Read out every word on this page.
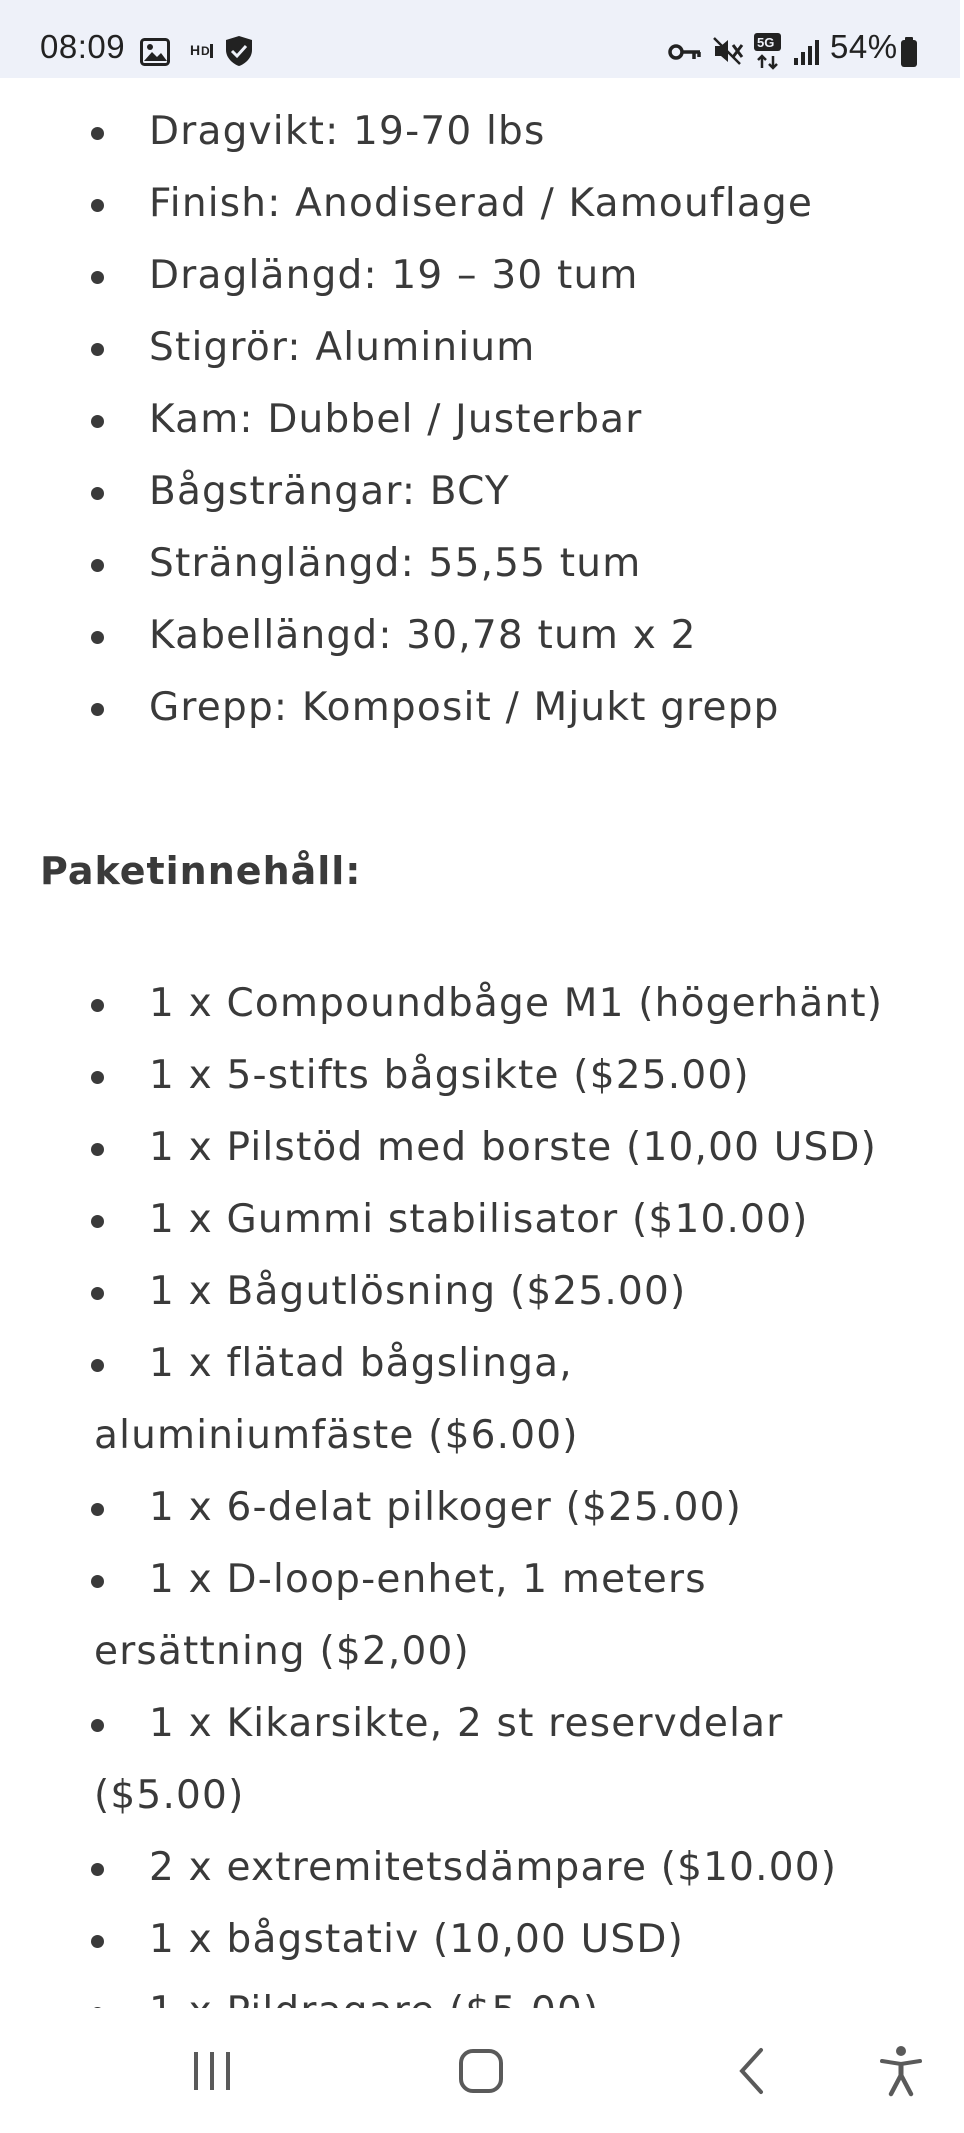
08:09	H D
5G 54%
Dragvikt: 19-70 lbs
Finish: Anodiserad / Kamouflage
Draglängd: 19 – 30 tum
Stigrör: Aluminium
Kam: Dubbel / Justerbar
Bågsträngar: BCY
Stränglängd: 55,55 tum
Kabellängd: 30,78 tum x 2
Grepp: Komposit / Mjukt grepp
Paketinnehåll:
1 x Compoundbåge M1 (högerhänt)
1 x 5-stifts bågsikte ($25.00)
1 x Pilstöd med borste (10,00 USD)
1 x Gummi stabilisator ($10.00)
1 x Bågutlösning ($25.00)
1 x flätad bågslinga,
aluminiumfäste ($6.00)
1 x 6-delat pilkoger ($25.00)
1 x D-loop-enhet, 1 meters
ersättning ($2,00)
1 x Kikarsikte, 2 st reservdelar
($5.00)
2 x extremitetsdämpare ($10.00)
1 x bågstativ (10,00 USD)
